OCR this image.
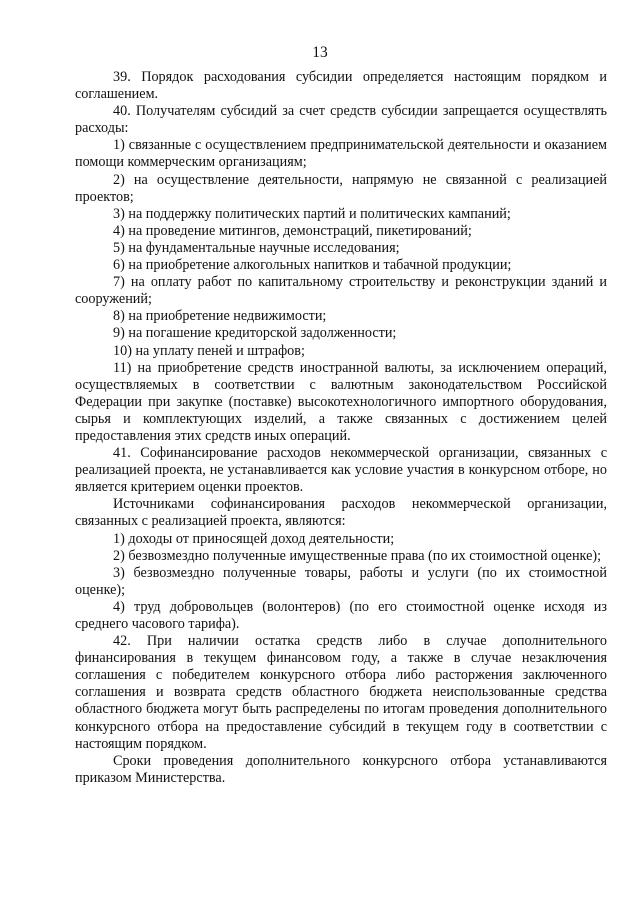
13

39. Порядок расходования субсидии определяется настоящим порядком и соглашением.

40. Получателям субсидий за счет средств субсидии запрещается осуществлять расходы:

1) связанные с осуществлением предпринимательской деятельности и оказанием помощи коммерческим организациям;

2) на осуществление деятельности, напрямую не связанной с реализацией проектов;

3) на поддержку политических партий и политических кампаний;

4) на проведение митингов, демонстраций, пикетирований;

5) на фундаментальные научные исследования;

6) на приобретение алкогольных напитков и табачной продукции;

7) на оплату работ по капитальному строительству и реконструкции зданий и сооружений;

8) на приобретение недвижимости;

9) на погашение кредиторской задолженности;

10) на уплату пеней и штрафов;

11) на приобретение средств иностранной валюты, за исключением операций, осуществляемых в соответствии с валютным законодательством Российской Федерации при закупке (поставке) высокотехнологичного импортного оборудования, сырья и комплектующих изделий, а также связанных с достижением целей предоставления этих средств иных операций.

41. Софинансирование расходов некоммерческой организации, связанных с реализацией проекта, не устанавливается как условие участия в конкурсном отборе, но является критерием оценки проектов.

Источниками софинансирования расходов некоммерческой организации, связанных с реализацией проекта, являются:

1) доходы от приносящей доход деятельности;

2) безвозмездно полученные имущественные права (по их стоимостной оценке);

3) безвозмездно полученные товары, работы и услуги (по их стоимостной оценке);

4) труд добровольцев (волонтеров) (по его стоимостной оценке исходя из среднего часового тарифа).

42. При наличии остатка средств либо в случае дополнительного финансирования в текущем финансовом году, а также в случае незаключения соглашения с победителем конкурсного отбора либо расторжения заключенного соглашения и возврата средств областного бюджета неиспользованные средства областного бюджета могут быть распределены по итогам проведения дополнительного конкурсного отбора на предоставление субсидий в текущем году в соответствии с настоящим порядком.

Сроки проведения дополнительного конкурсного отбора устанавливаются приказом Министерства.
